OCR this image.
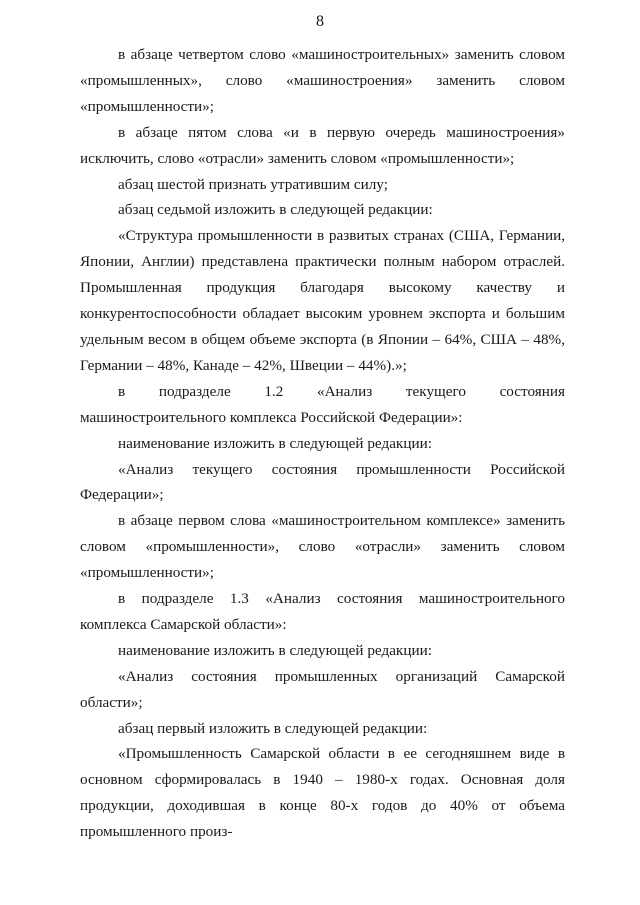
8

в абзаце четвертом слово «машиностроительных» заменить словом «промышленных», слово «машиностроения» заменить словом «промышленности»;

в абзаце пятом слова «и в первую очередь машиностроения» исключить, слово «отрасли» заменить словом «промышленности»;

абзац шестой признать утратившим силу;

абзац седьмой изложить в следующей редакции:

«Структура промышленности в развитых странах (США, Германии, Японии, Англии) представлена практически полным набором отраслей. Промышленная продукция благодаря высокому качеству и конкурентоспособности обладает высоким уровнем экспорта и большим удельным весом в общем объеме экспорта (в Японии – 64%, США – 48%, Германии – 48%, Канаде – 42%, Швеции – 44%).»;

в подразделе 1.2 «Анализ текущего состояния машиностроительного комплекса Российской Федерации»:

наименование изложить в следующей редакции:

«Анализ текущего состояния промышленности Российской Федерации»;

в абзаце первом слова «машиностроительном комплексе» заменить словом «промышленности», слово «отрасли» заменить словом «промышленности»;

в подразделе 1.3 «Анализ состояния машиностроительного комплекса Самарской области»:

наименование изложить в следующей редакции:

«Анализ состояния промышленных организаций Самарской области»;

абзац первый изложить в следующей редакции:

«Промышленность Самарской области в ее сегодняшнем виде в основном сформировалась в 1940 – 1980-х годах. Основная доля продукции, доходившая в конце 80-х годов до 40% от объема промышленного произ-
